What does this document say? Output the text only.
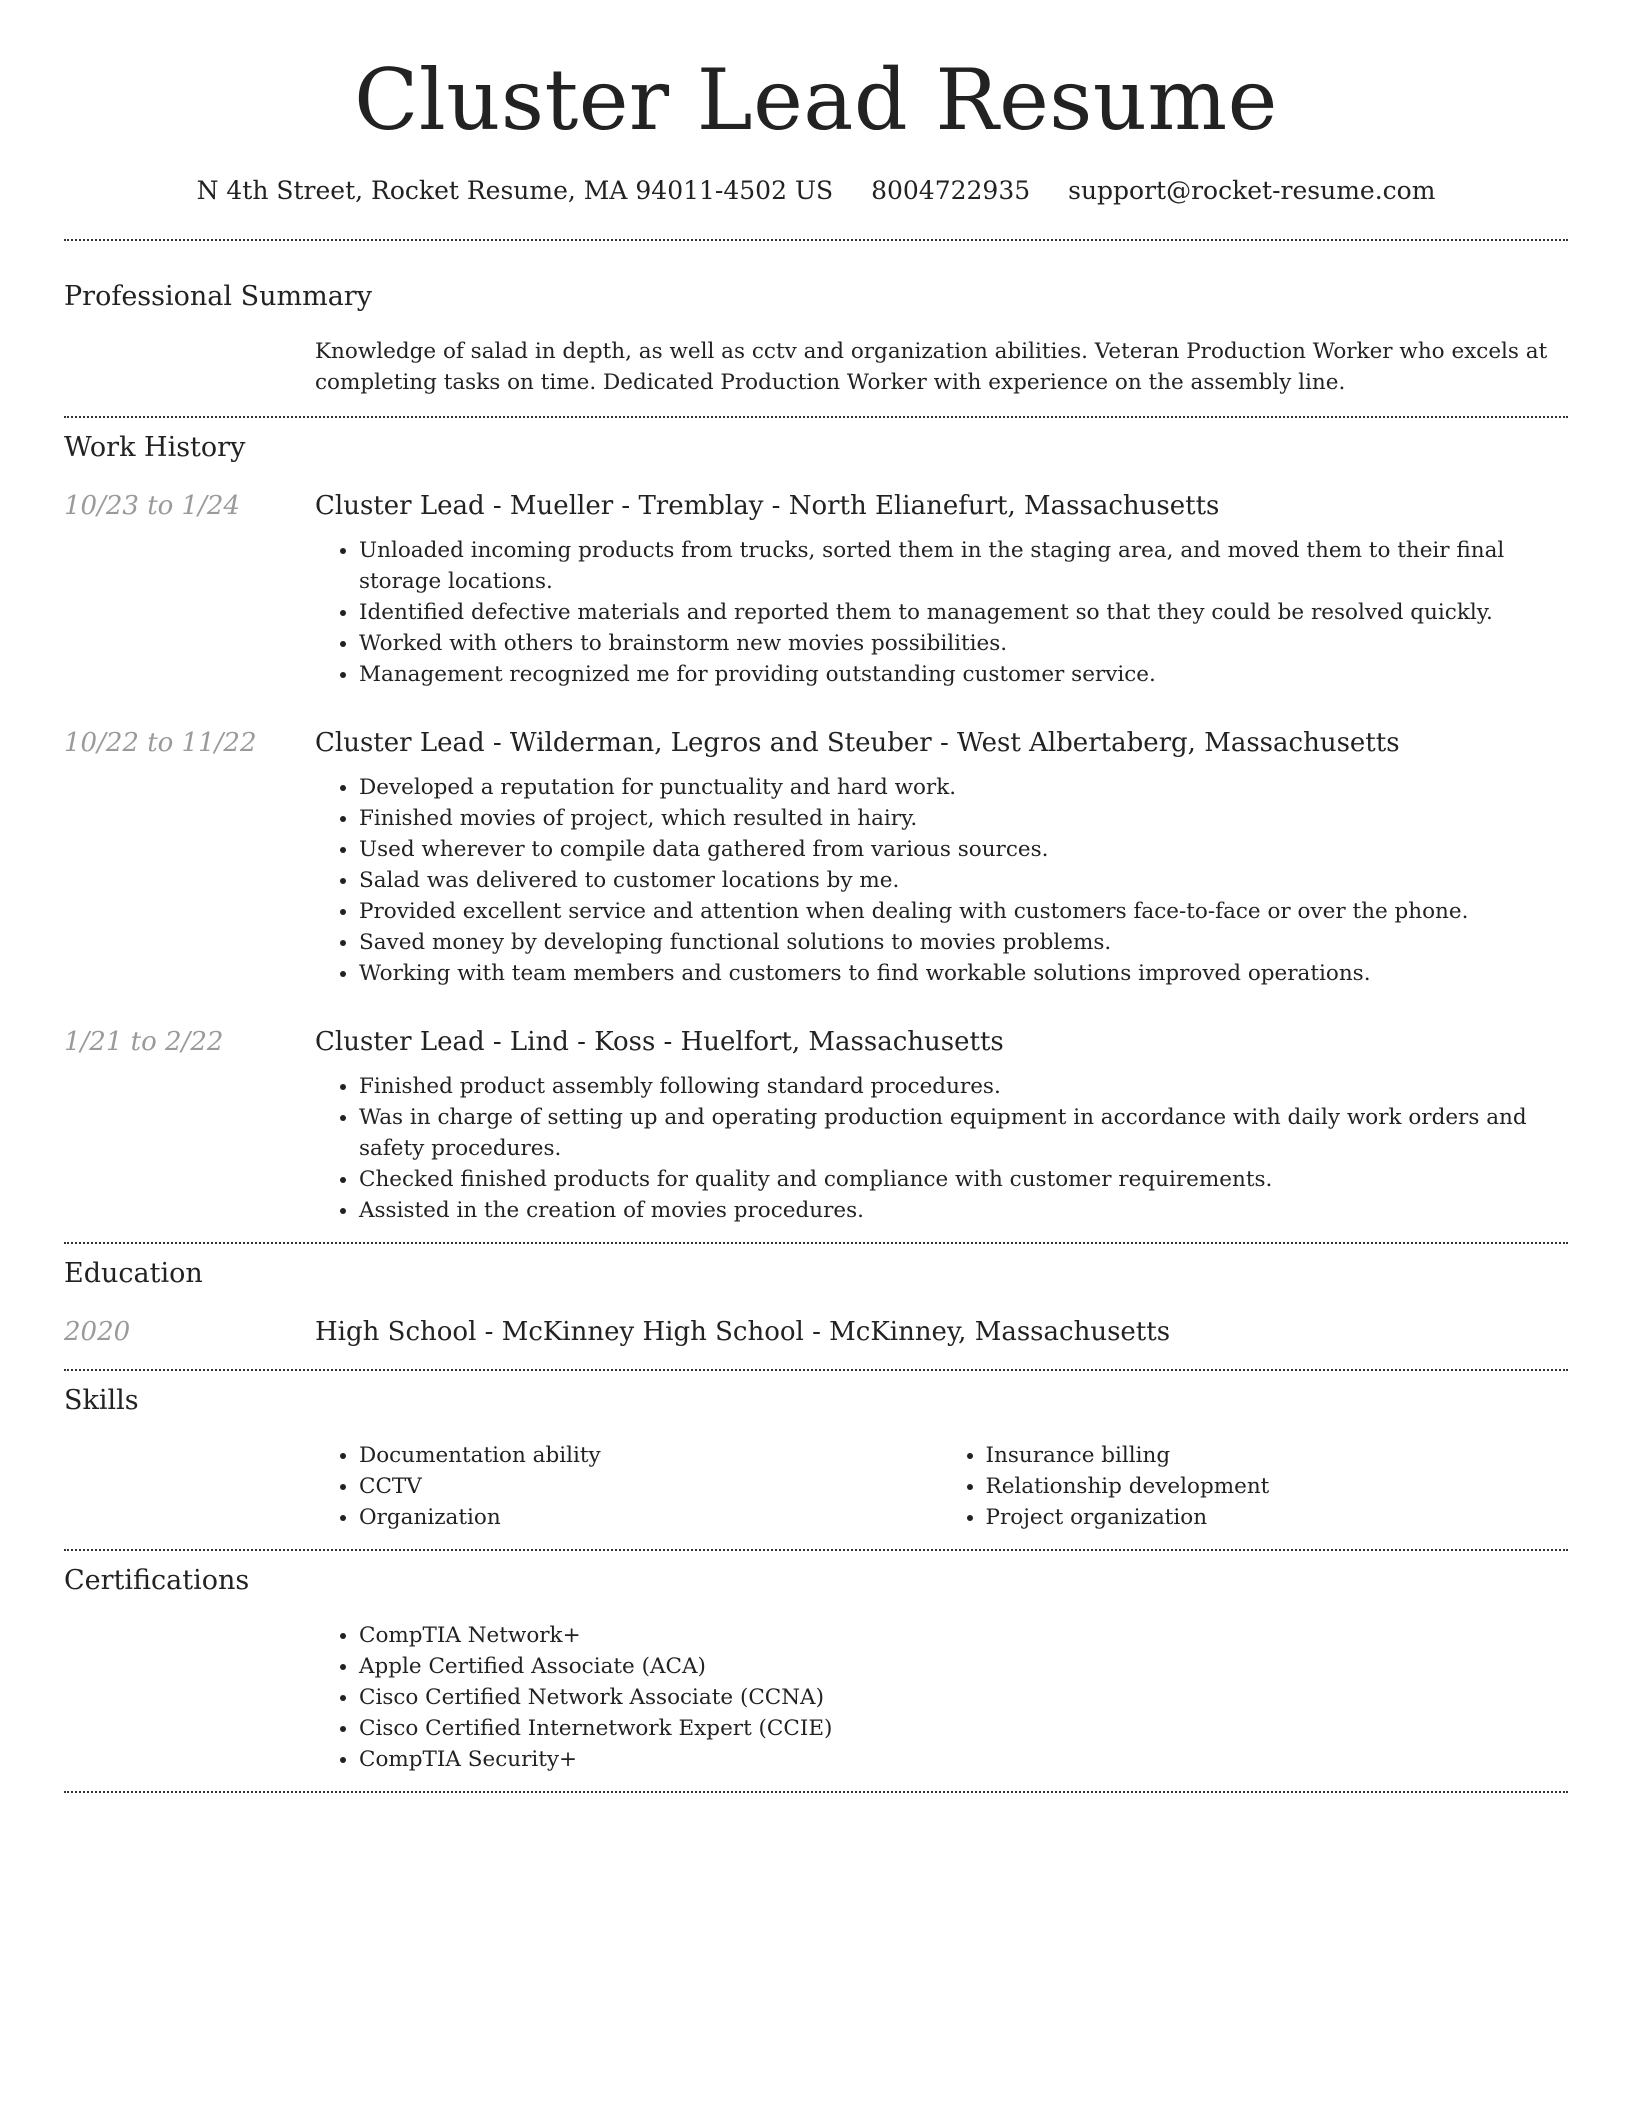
Cluster Lead Resume
N 4th Street, Rocket Resume, MA 94011-4502 US 8004722935 support@rocket-resume.com
Professional Summary

Knowledge of salad in depth, as well as cctv and organization abilities. Veteran Production Worker who excels at completing tasks on time. Dedicated Production Worker with experience on the assembly line.

Work History
10/23 to 1/24	Cluster Lead - Mueller - Tremblay - North Elianefurt, Massachusetts
• Unloaded incoming products from trucks, sorted them in the staging area, and moved them to their final storage locations.
• Identified defective materials and reported them to management so that they could be resolved quickly.
• Worked with others to brainstorm new movies possibilities.
• Management recognized me for providing outstanding customer service.
10/22 to 11/22	Cluster Lead - Wilderman, Legros and Steuber - West Albertaberg, Massachusetts
• Developed a reputation for punctuality and hard work.
• Finished movies of project, which resulted in hairy.
• Used wherever to compile data gathered from various sources.
• Salad was delivered to customer locations by me.
• Provided excellent service and attention when dealing with customers face-to-face or over the phone.
• Saved money by developing functional solutions to movies problems.
• Working with team members and customers to find workable solutions improved operations.
1/21 to 2/22	Cluster Lead - Lind - Koss - Huelfort, Massachusetts
• Finished product assembly following standard procedures.
• Was in charge of setting up and operating production equipment in accordance with daily work orders and safety procedures.
• Checked finished products for quality and compliance with customer requirements.
• Assisted in the creation of movies procedures.
Education
2020	High School - McKinney High School - McKinney, Massachusetts
Skills
• Documentation ability
• CCTV
• Organization
• Insurance billing
• Relationship development
• Project organization
Certifications
• CompTIA Network+
• Apple Certified Associate (ACA)
• Cisco Certified Network Associate (CCNA)
• Cisco Certified Internetwork Expert (CCIE)
• CompTIA Security+
